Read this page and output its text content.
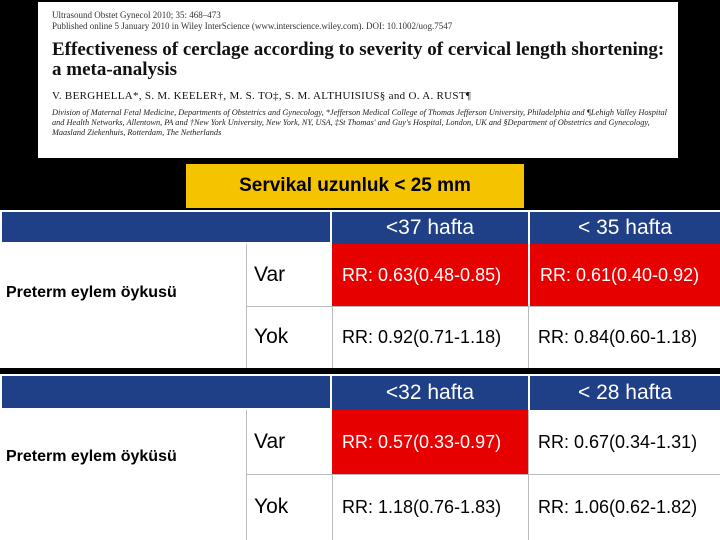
Ultrasound Obstet Gynecol 2010; 35: 468–473
Published online 5 January 2010 in Wiley InterScience (www.interscience.wiley.com). DOI: 10.1002/uog.7547
Effectiveness of cerclage according to severity of cervical length shortening: a meta-analysis
V. BERGHELLA*, S. M. KEELER†, M. S. TO‡, S. M. ALTHUISIUS§ and O. A. RUST¶
Division of Maternal Fetal Medicine, Departments of Obstetrics and Gynecology, *Jefferson Medical College of Thomas Jefferson University, Philadelphia and ¶Lehigh Valley Hospital and Health Networks, Allentown, PA and †New York University, New York, NY, USA, ‡St Thomas' and Guy's Hospital, London, UK and §Department of Obstetrics and Gynecology, Maasland Ziekenhuis, Rotterdam, The Netherlands
Servikal uzunluk < 25 mm
<37 hafta	< 35 hafta
Preterm eylem öykusü
Var	RR: 0.63(0.48-0.85)	RR: 0.61(0.40-0.92)
Yok	RR: 0.92(0.71-1.18)	RR: 0.84(0.60-1.18)
<32 hafta	< 28 hafta
Preterm eylem öyküsü
Var	RR: 0.57(0.33-0.97)	RR: 0.67(0.34-1.31)
Yok	RR: 1.18(0.76-1.83)	RR: 1.06(0.62-1.82)
